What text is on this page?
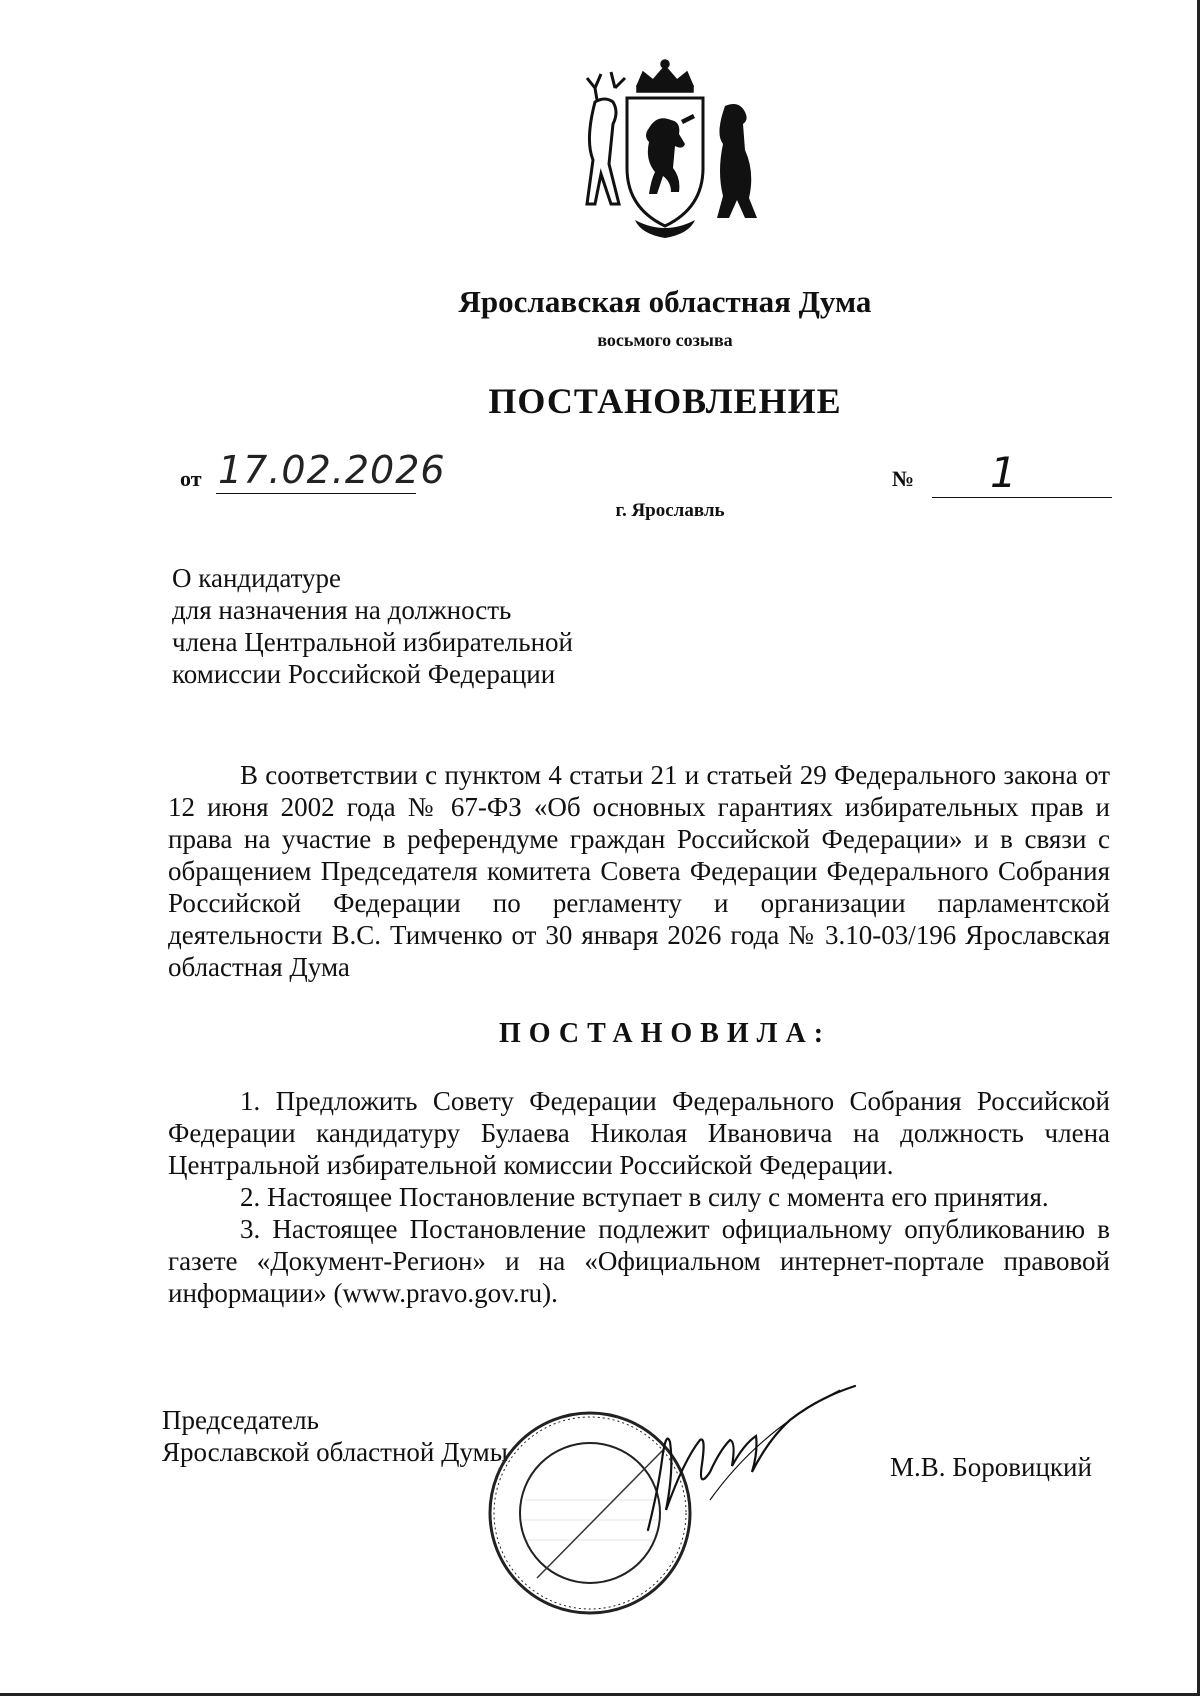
Ярославская областная Дума
восьмого созыва
ПОСТАНОВЛЕНИЕ
от 17.02.2026	№ 1
г. Ярославль
О кандидатуре
для назначения на должность
члена Центральной избирательной
комиссии Российской Федерации
В соответствии с пунктом 4 статьи 21 и статьей 29 Федерального закона от 12 июня 2002 года № 67-ФЗ «Об основных гарантиях избирательных прав и права на участие в референдуме граждан Российской Федерации» и в связи с обращением Председателя комитета Совета Федерации Федерального Собрания Российской Федерации по регламенту и организации парламентской деятельности В.С. Тимченко от 30 января 2026 года № 3.10-03/196 Ярославская областная Дума
ПОСТАНОВИЛА:

1. Предложить Совету Федерации Федерального Собрания Российской Федерации кандидатуру Булаева Николая Ивановича на должность члена Центральной избирательной комиссии Российской Федерации.

2. Настоящее Постановление вступает в силу с момента его принятия.

3. Настоящее Постановление подлежит официальному опубликованию в газете «Документ-Регион» и на «Официальном интернет-портале правовой информации» (www.pravo.gov.ru).

Председатель
Ярославской областной Думы	М.В. Боровицкий
